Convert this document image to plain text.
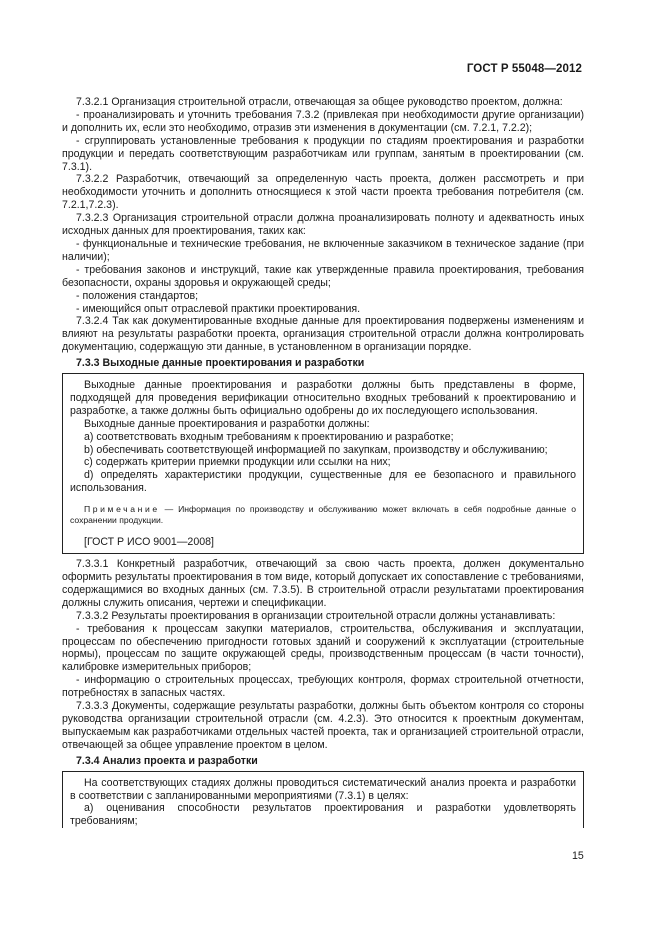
ГОСТ Р 55048—2012

7.3.2.1 Организация строительной отрасли, отвечающая за общее руководство проектом, должна:

- проанализировать и уточнить требования 7.3.2 (привлекая при необходимости другие организации) и дополнить их, если это необходимо, отразив эти изменения в документации (см. 7.2.1, 7.2.2);

- сгруппировать установленные требования к продукции по стадиям проектирования и разработки продукции и передать соответствующим разработчикам или группам, занятым в проектировании (см. 7.3.1).

7.3.2.2 Разработчик, отвечающий за определенную часть проекта, должен рассмотреть и при необходимости уточнить и дополнить относящиеся к этой части проекта требования потребителя (см. 7.2.1,7.2.3).

7.3.2.3 Организация строительной отрасли должна проанализировать полноту и адекватность иных исходных данных для проектирования, таких как:

- функциональные и технические требования, не включенные заказчиком в техническое задание (при наличии);

- требования законов и инструкций, такие как утвержденные правила проектирования, требования безопасности, охраны здоровья и окружающей среды;

- положения стандартов;

- имеющийся опыт отраслевой практики проектирования.

7.3.2.4 Так как документированные входные данные для проектирования подвержены изменениям и влияют на результаты разработки проекта, организация строительной отрасли должна контролировать документацию, содержащую эти данные, в установленном в организации порядке.

7.3.3 Выходные данные проектирования и разработки

Выходные данные проектирования и разработки должны быть представлены в форме, подходящей для проведения верификации относительно входных требований к проектированию и разработке, а также должны быть официально одобрены до их последующего использования.

Выходные данные проектирования и разработки должны:

a) соответствовать входным требованиям к проектированию и разработке;

b) обеспечивать соответствующей информацией по закупкам, производству и обслуживанию;

c) содержать критерии приемки продукции или ссылки на них;

d) определять характеристики продукции, существенные для ее безопасного и правильного использования.

Примечание — Информация по производству и обслуживанию может включать в себя подробные данные о сохранении продукции.

[ГОСТ Р ИСО 9001—2008]

7.3.3.1 Конкретный разработчик, отвечающий за свою часть проекта, должен документально оформить результаты проектирования в том виде, который допускает их сопоставление с требованиями, содержащимися во входных данных (см. 7.3.5). В строительной отрасли результатами проектирования должны служить описания, чертежи и спецификации.

7.3.3.2 Результаты проектирования в организации строительной отрасли должны устанавливать:

- требования к процессам закупки материалов, строительства, обслуживания и эксплуатации, процессам по обеспечению пригодности готовых зданий и сооружений к эксплуатации (строительные нормы), процессам по защите окружающей среды, производственным процессам (в части точности), калибровке измерительных приборов;

- информацию о строительных процессах, требующих контроля, формах строительной отчетности, потребностях в запасных частях.

7.3.3.3 Документы, содержащие результаты разработки, должны быть объектом контроля со стороны руководства организации строительной отрасли (см. 4.2.3). Это относится к проектным документам, выпускаемым как разработчиками отдельных частей проекта, так и организацией строительной отрасли, отвечающей за общее управление проектом в целом.

7.3.4 Анализ проекта и разработки

На соответствующих стадиях должны проводиться систематический анализ проекта и разработки в соответствии с запланированными мероприятиями (7.3.1) в целях:

a) оценивания способности результатов проектирования и разработки удовлетворять требованиям;

15
